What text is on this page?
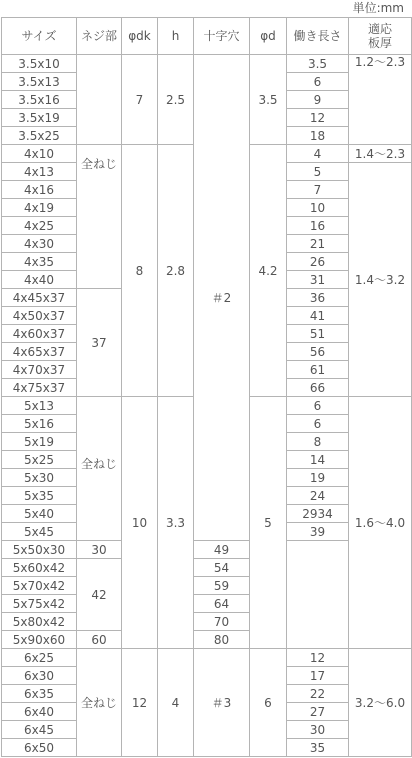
単位:mm
サイズ	ネジ部	φdk	h	十字穴	φd	働き長さ	適応
板厚
3.5x10		7	2.5	＃2	3.5	3.5	1.2～2.3
3.5x13						6	
3.5x16						9	
3.5x19						12	
3.5x25						18	
4x10	全ねじ	8	2.8		4.2	4	1.4～2.3
4x13						5	1.4～3.2
4x16						7	
4x19						10	
4x25						16	
4x30						21	
4x35						26	
4x40						31	
4x45x37	37					36	
4x50x37						41	
4x60x37						51	
4x65x37						56	
4x70x37						61	
4x75x37						66	
5x13	全ねじ	10	3.3		5	6	1.6～4.0
5x16						6	
5x19						8	
5x25						14	
5x30						19	
5x35						24	
5x40						2934	
5x45						39	
5x50x30	30			49			
5x60x42	42			54			
5x70x42				59			
5x75x42				64			
5x80x42				70			
5x90x60	60			80			
6x25	全ねじ	12	4	＃3	6	12	3.2～6.0
6x30						17	
6x35						22	
6x40						27	
6x45						30	
6x50						35	
